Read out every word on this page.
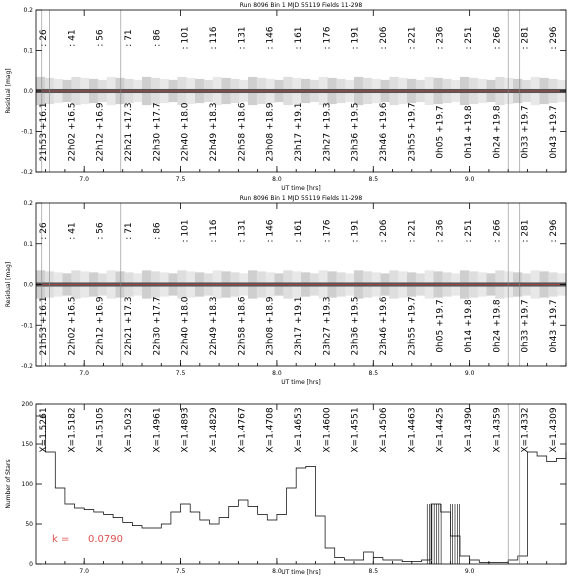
: 26
21h53 +16.1
: 41
22h02 +16.5
: 56
22h12 +16.9
: 71
22h21 +17.3
: 86
22h30 +17.7
: 101
22h40 +18.0
: 116
22h49 +18.3
: 131
22h58 +18.6
: 146
23h08 +18.9
: 161
23h17 +19.1
: 176
23h27 +19.3
: 191
23h36 +19.5
: 206
23h46 +19.6
: 221
23h55 +19.7
: 236
0h05 +19.7
: 251
0h14 +19.8
: 266
0h24 +19.8
: 281
0h33 +19.7
: 296
0h43 +19.7
7.0	7.5	8.0	8.5	9.0
0.2
0.1
0.0
-0.1
-0.2
UT time [hrs]
Residual [mag]
Run 8096 Bin 1 MJD 55119 Fields 11-298
: 26
21h53 +16.1
: 41
22h02 +16.5
: 56
22h12 +16.9
: 71
22h21 +17.3
: 86
22h30 +17.7
: 101
22h40 +18.0
: 116
22h49 +18.3
: 131
22h58 +18.6
: 146
23h08 +18.9
: 161
23h17 +19.1
: 176
23h27 +19.3
: 191
23h36 +19.5
: 206
23h46 +19.6
: 221
23h55 +19.7
: 236
0h05 +19.7
: 251
0h14 +19.8
: 266
0h24 +19.8
: 281
0h33 +19.7
: 296
0h43 +19.7
7.0	7.5	8.0	8.5	9.0
0.2
0.1
0.0
-0.1
-0.2
UT time [hrs]
Residual [mag]
Run 8096 Bin 1 MJD 55119 Fields 11-298
X=1.5261 X=1.5182 X=1.5105 X=1.5032 X=1.4961 X=1.4893 X=1.4829 X=1.4767 X=1.4708 X=1.4653 X=1.4600 X=1.4551 X=1.4506 X=1.4463 X=1.4425 X=1.4390 X=1.4359 X=1.4332 X=1.4309
k = 0.0790
7.0	7.5	8.0	8.5	9.0
0
50
100
150
200
UT time [hrs]
Number of Stars
